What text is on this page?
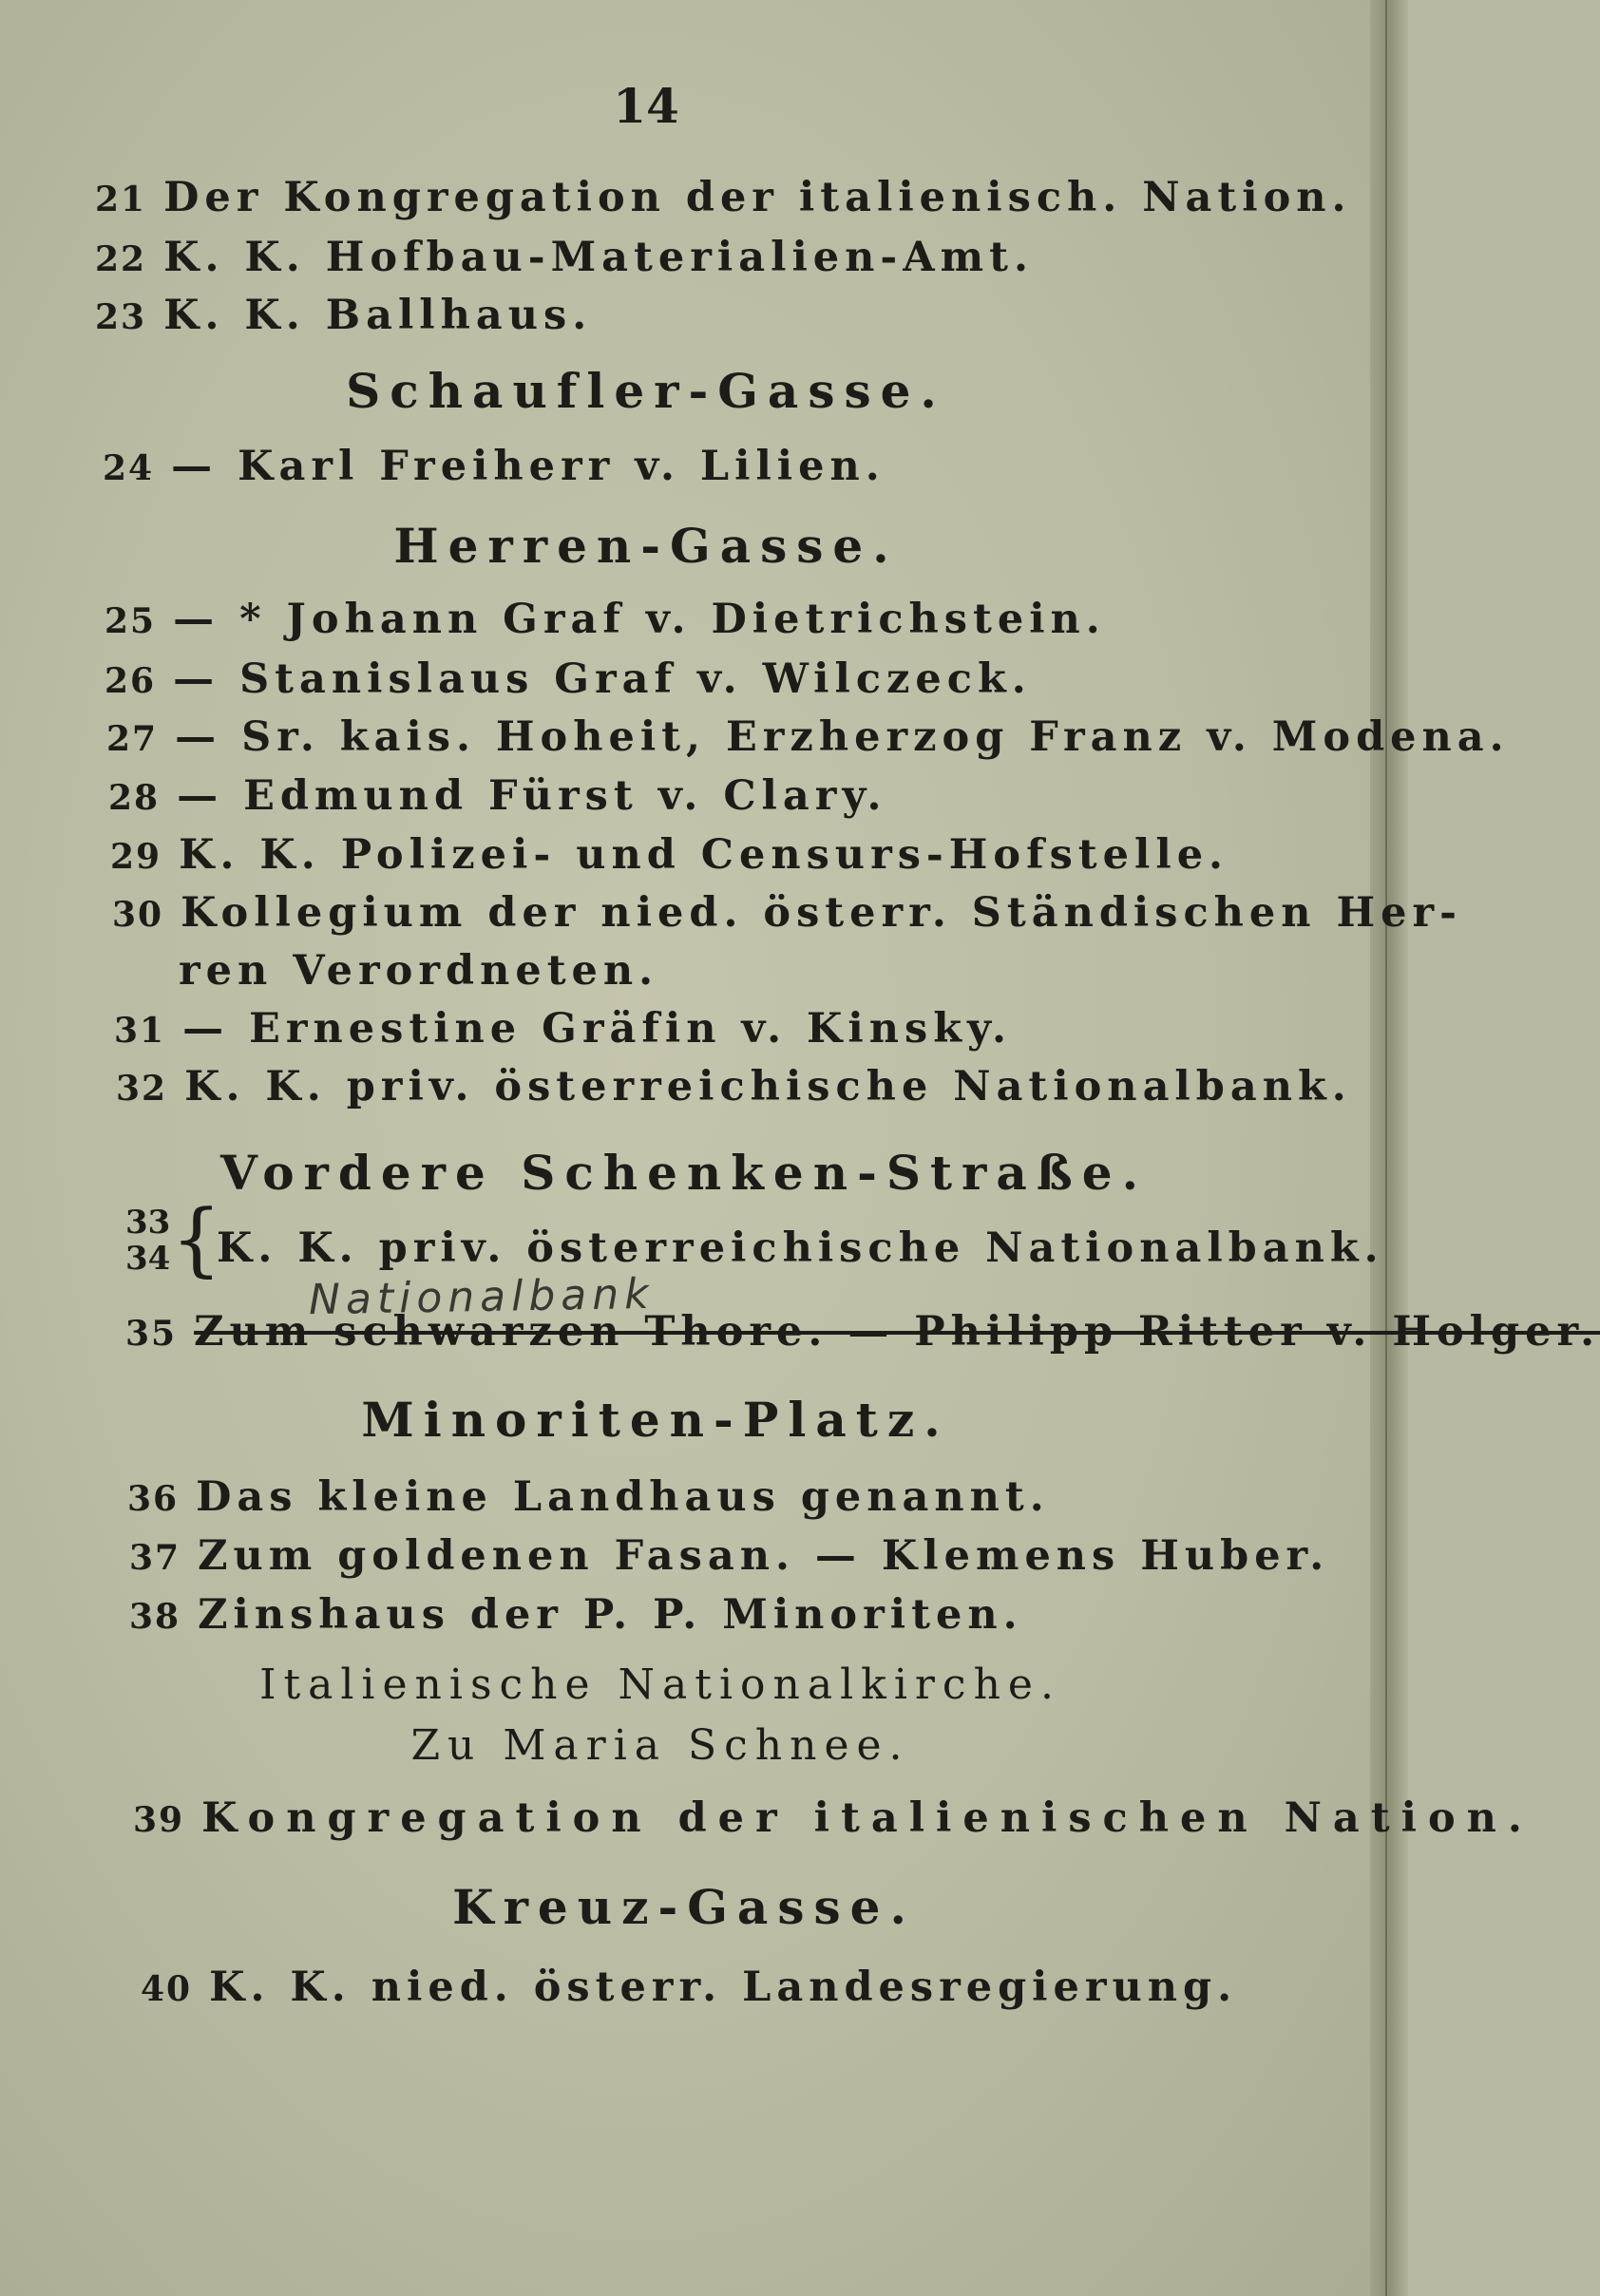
14
21 Der Kongregation der italienisch. Nation.
22 K. K. Hofbau-Materialien-Amt.
23 K. K. Ballhaus.
Schaufler-Gasse.
24 — Karl Freiherr v. Lilien.
Herren-Gasse.
25 — * Johann Graf v. Dietrichstein.
26 — Stanislaus Graf v. Wilczeck.
27 — Sr. kais. Hoheit, Erzherzog Franz v. Modena.
28 — Edmund Fürst v. Clary.
29 K. K. Polizei- und Censurs-Hofstelle.
30 Kollegium der nied. österr. Ständischen Her-
ren Verordneten.
31 — Ernestine Gräfin v. Kinsky.
32 K. K. priv. österreichische Nationalbank.
Vordere Schenken-Straße.
33
34 {
K. K. priv. österreichische Nationalbank.
Nationalbank
35 Zum schwarzen Thore. — Philipp Ritter v. Holger.
Minoriten-Platz.
36 Das kleine Landhaus genannt.
37 Zum goldenen Fasan. — Klemens Huber.
38 Zinshaus der P. P. Minoriten.
Italienische Nationalkirche.
Zu Maria Schnee.
39 Kongregation der italienischen Nation.
Kreuz-Gasse.
40 K. K. nied. österr. Landesregierung.
